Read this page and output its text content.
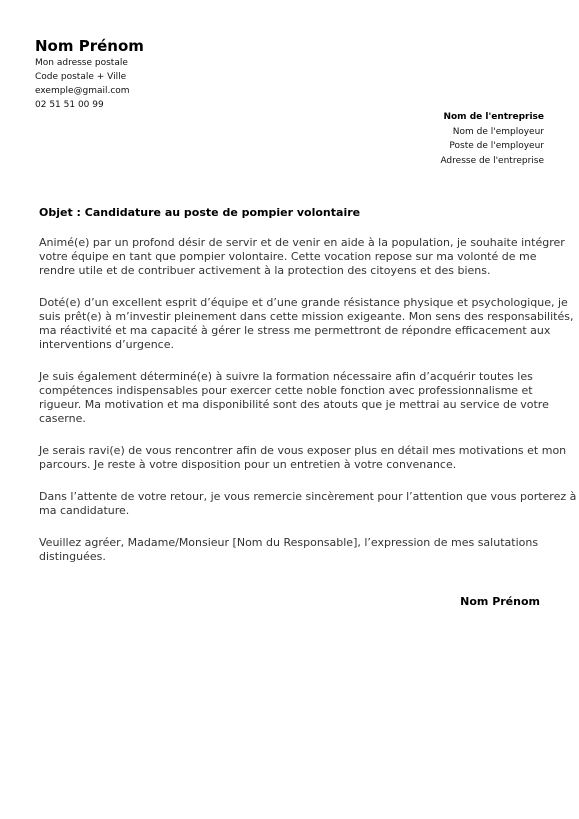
Nom Prénom
Mon adresse postale
Code postale + Ville
exemple@gmail.com
02 51 51 00 99
Nom de l'entreprise
Nom de l'employeur
Poste de l'employeur
Adresse de l'entreprise
Objet : Candidature au poste de pompier volontaire

Animé(e) par un profond désir de servir et de venir en aide à la population, je souhaite intégrer
votre équipe en tant que pompier volontaire. Cette vocation repose sur ma volonté de me
rendre utile et de contribuer activement à la protection des citoyens et des biens.

Doté(e) d’un excellent esprit d’équipe et d’une grande résistance physique et psychologique, je
suis prêt(e) à m’investir pleinement dans cette mission exigeante. Mon sens des responsabilités,
ma réactivité et ma capacité à gérer le stress me permettront de répondre efficacement aux
interventions d’urgence.

Je suis également déterminé(e) à suivre la formation nécessaire afin d’acquérir toutes les
compétences indispensables pour exercer cette noble fonction avec professionnalisme et
rigueur. Ma motivation et ma disponibilité sont des atouts que je mettrai au service de votre
caserne.

Je serais ravi(e) de vous rencontrer afin de vous exposer plus en détail mes motivations et mon
parcours. Je reste à votre disposition pour un entretien à votre convenance.

Dans l’attente de votre retour, je vous remercie sincèrement pour l’attention que vous porterez à
ma candidature.

Veuillez agréer, Madame/Monsieur [Nom du Responsable], l’expression de mes salutations
distinguées.

Nom Prénom
